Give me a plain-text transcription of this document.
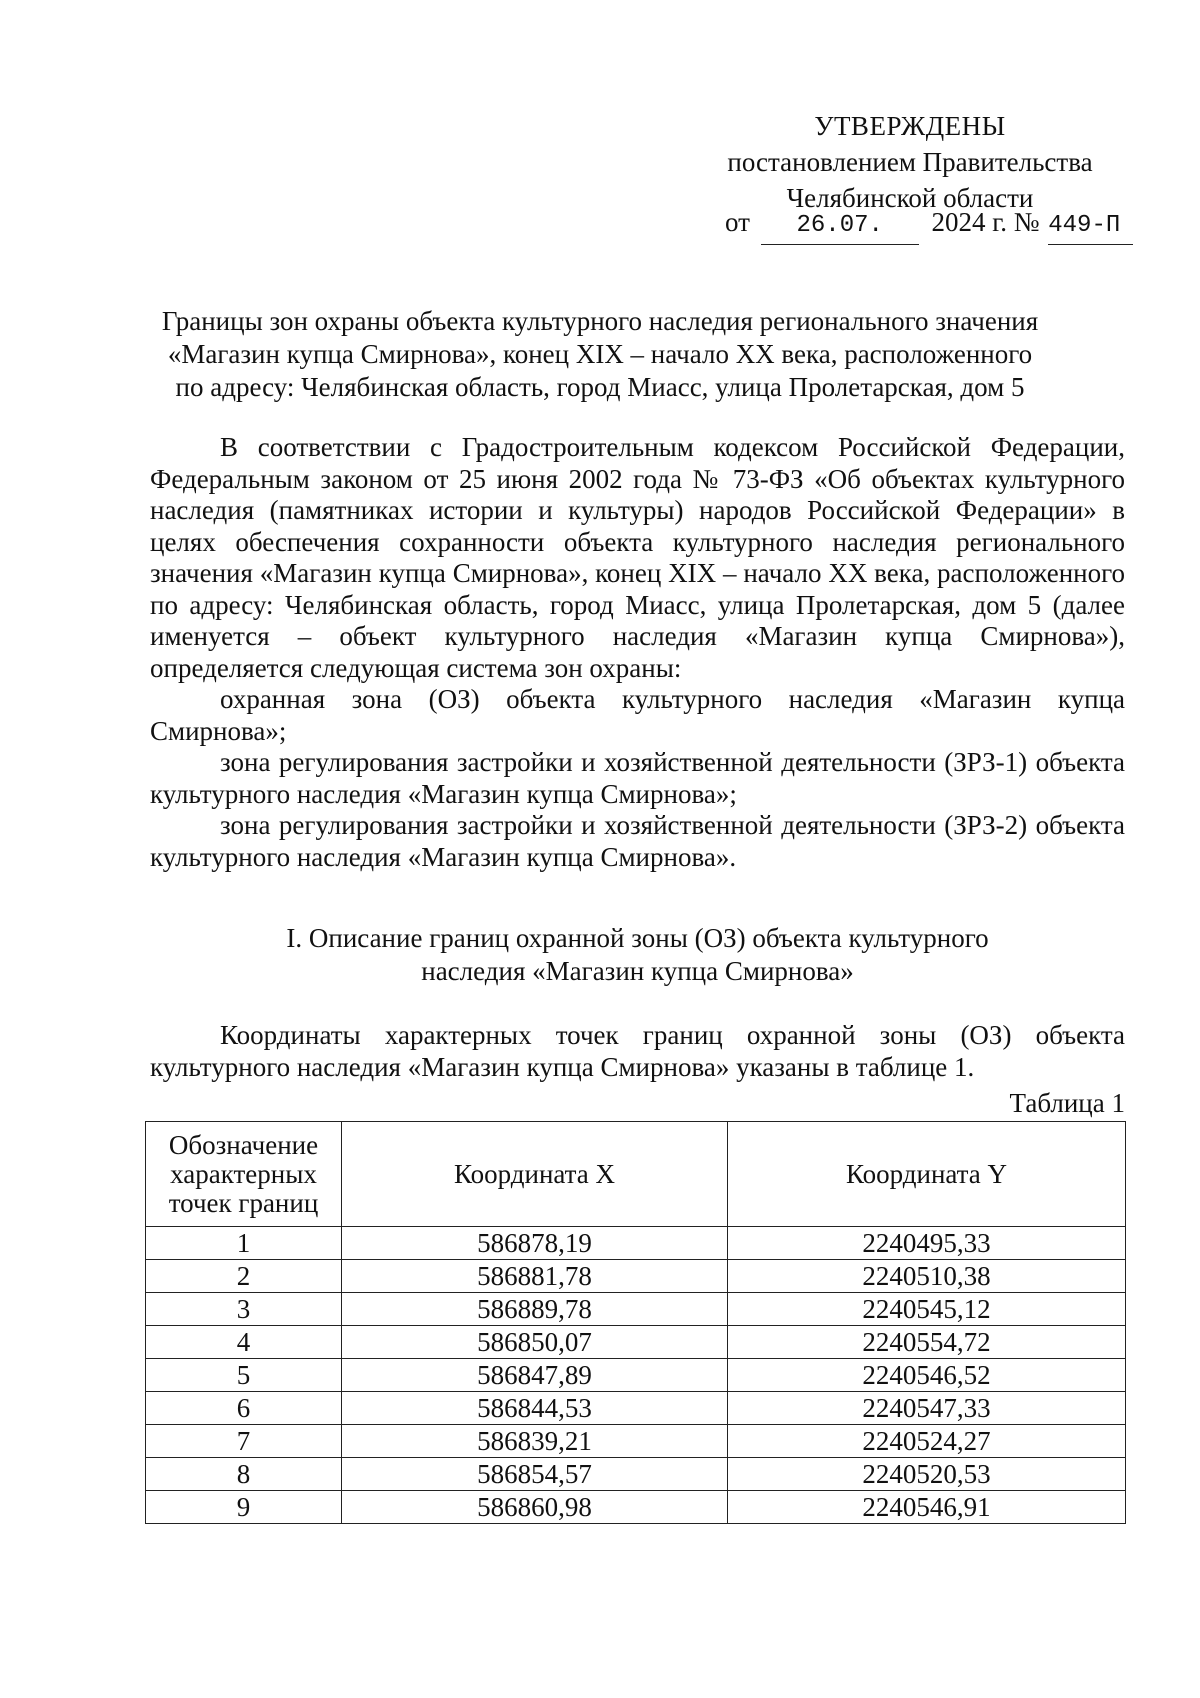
УТВЕРЖДЕНЫ
постановлением Правительства
Челябинской области
от 26.07. 2024 г. № 449-П
Границы зон охраны объекта культурного наследия регионального значения
«Магазин купца Смирнова», конец XIX – начало XX века, расположенного
по адресу: Челябинская область, город Миасс, улица Пролетарская, дом 5

В соответствии с Градостроительным кодексом Российской Федерации, Федеральным законом от 25 июня 2002 года № 73-ФЗ «Об объектах культурного наследия (памятниках истории и культуры) народов Российской Федерации» в целях обеспечения сохранности объекта культурного наследия регионального значения «Магазин купца Смирнова», конец XIX – начало XX века, расположенного по адресу: Челябинская область, город Миасс, улица Пролетарская, дом 5 (далее именуется – объект культурного наследия «Магазин купца Смирнова»), определяется следующая система зон охраны:

охранная зона (ОЗ) объекта культурного наследия «Магазин купца Смирнова»;

зона регулирования застройки и хозяйственной деятельности (ЗРЗ-1) объекта культурного наследия «Магазин купца Смирнова»;

зона регулирования застройки и хозяйственной деятельности (ЗРЗ-2) объекта культурного наследия «Магазин купца Смирнова».

I. Описание границ охранной зоны (ОЗ) объекта культурного
наследия «Магазин купца Смирнова»

Координаты характерных точек границ охранной зоны (ОЗ) объекта культурного наследия «Магазин купца Смирнова» указаны в таблице 1.

Таблица 1
Обозначение
характерных
точек границ	Координата X	Координата Y
1	586878,19	2240495,33
2	586881,78	2240510,38
3	586889,78	2240545,12
4	586850,07	2240554,72
5	586847,89	2240546,52
6	586844,53	2240547,33
7	586839,21	2240524,27
8	586854,57	2240520,53
9	586860,98	2240546,91
